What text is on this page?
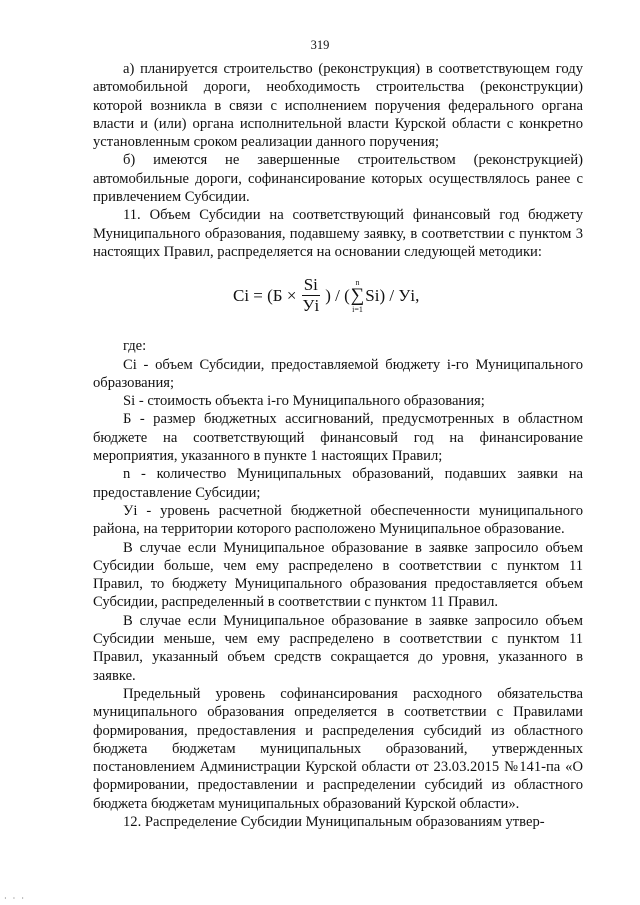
319

а) планируется строительство (реконструкция) в соответствующем году автомобильной дороги, необходимость строительства (реконструкции) которой возникла в связи с исполнением поручения федерального органа власти и (или) органа исполнительной власти Курской области с конкретно установленным сроком реализации данного поручения;

б) имеются не завершенные строительством (реконструкцией) автомобильные дороги, софинансирование которых осуществлялось ранее с привлечением Субсидии.

11. Объем Субсидии на соответствующий финансовый год бюджету Муниципального образования, подавшему заявку, в соответствии с пунктом 3 настоящих Правил, распределяется на основании следующей методики:

$Ci = (Б \times \frac{Si}{Уi}$ ) / (
n
∑
i=1
Si) / Уi,

где:

Ci - объем Субсидии, предоставляемой бюджету i-го Муниципального образования;

Si - стоимость объекта i-го Муниципального образования;

Б - размер бюджетных ассигнований, предусмотренных в областном бюджете на соответствующий финансовый год на финансирование мероприятия, указанного в пункте 1 настоящих Правил;

n - количество Муниципальных образований, подавших заявки на предоставление Субсидии;

Уi - уровень расчетной бюджетной обеспеченности муниципального района, на территории которого расположено Муниципальное образование.

В случае если Муниципальное образование в заявке запросило объем Субсидии больше, чем ему распределено в соответствии с пунктом 11 Правил, то бюджету Муниципального образования предоставляется объем Субсидии, распределенный в соответствии с пунктом 11 Правил.

В случае если Муниципальное образование в заявке запросило объем Субсидии меньше, чем ему распределено в соответствии с пунктом 11 Правил, указанный объем средств сокращается до уровня, указанного в заявке.

Предельный уровень софинансирования расходного обязательства муниципального образования определяется в соответствии с Правилами формирования, предоставления и распределения субсидий из областного бюджета бюджетам муниципальных образований, утвержденных постановлением Администрации Курской области от 23.03.2015 №141-па «О формировании, предоставлении и распределении субсидий из областного бюджета бюджетам муниципальных образований Курской области».

12. Распределение Субсидии Муниципальным образованиям утвер-

· · ·
